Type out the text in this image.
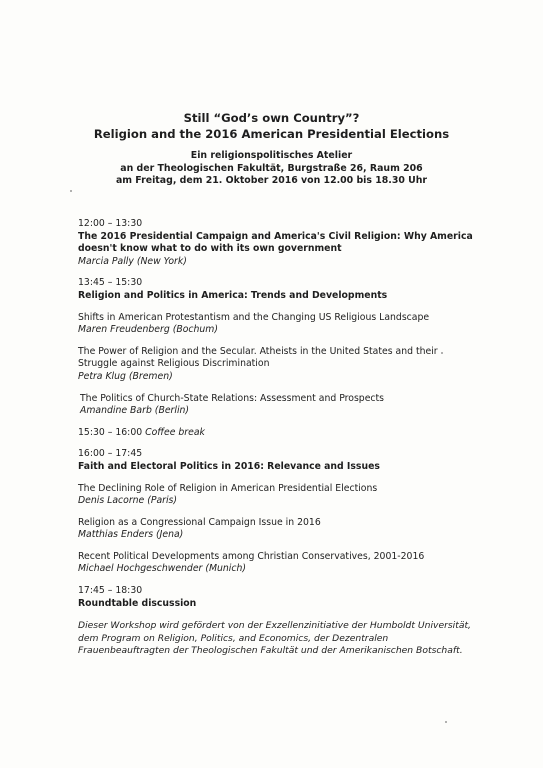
Still “God’s own Country”?

Religion and the 2016 American Presidential Elections

Ein religionspolitisches Atelier

an der Theologischen Fakultät, Burgstraße 26, Raum 206

am Freitag, dem 21. Oktober 2016 von 12.00 bis 18.30 Uhr

12:00 – 13:30

The 2016 Presidential Campaign and America's Civil Religion: Why America doesn't know what to do with its own government

Marcia Pally (New York)

13:45 – 15:30

Religion and Politics in America: Trends and Developments

Shifts in American Protestantism and the Changing US Religious Landscape

Maren Freudenberg (Bochum)

The Power of Religion and the Secular. Atheists in the United States and their Struggle against Religious Discrimination

Petra Klug (Bremen)

The Politics of Church-State Relations: Assessment and Prospects

Amandine Barb (Berlin)

15:30 – 16:00 Coffee break

16:00 – 17:45

Faith and Electoral Politics in 2016: Relevance and Issues

The Declining Role of Religion in American Presidential Elections

Denis Lacorne (Paris)

Religion as a Congressional Campaign Issue in 2016

Matthias Enders (Jena)

Recent Political Developments among Christian Conservatives, 2001-2016

Michael Hochgeschwender (Munich)

17:45 – 18:30

Roundtable discussion

Dieser Workshop wird gefördert von der Exzellenzinitiative der Humboldt Universität, dem Program on Religion, Politics, and Economics, der Dezentralen Frauenbeauftragten der Theologischen Fakultät und der Amerikanischen Botschaft.
